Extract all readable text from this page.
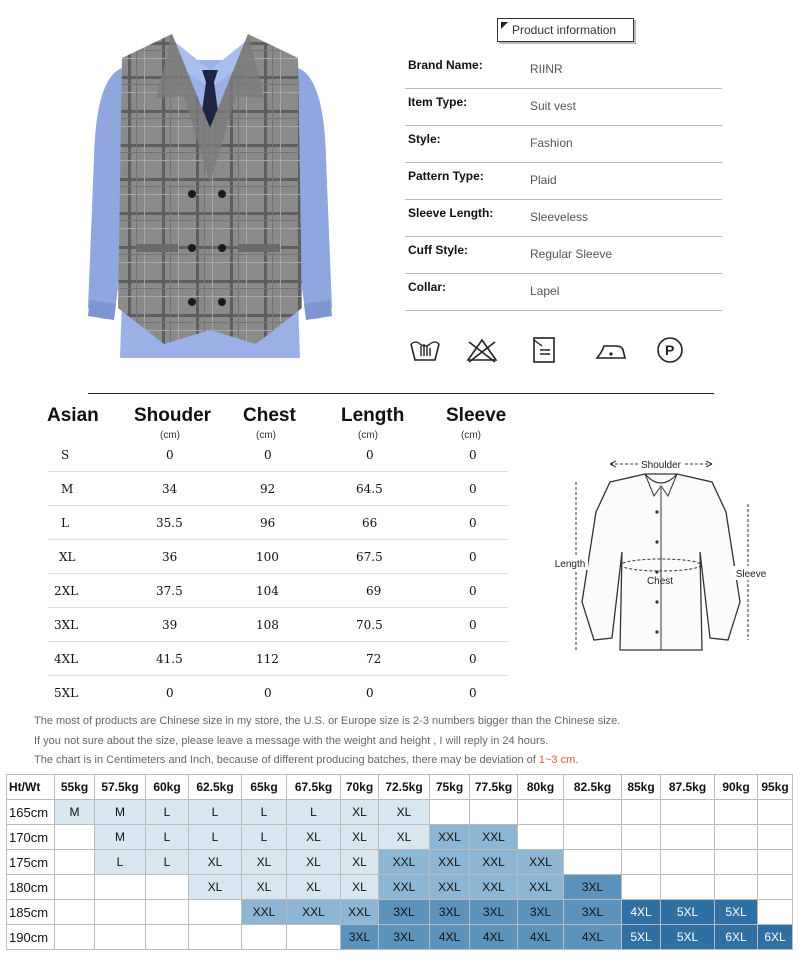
Product information
Brand Name:	RIINR
Item Type:	Suit vest
Style:	Fashion
Pattern Type:	Plaid
Sleeve Length:	Sleeveless
Cuff Style:	Regular Sleeve
Collar:	Lapel
P
Asian Shouder Chest Length Sleeve
(cm)	(cm)	(cm)	(cm)
S	0	0	0	0
M	34	92	64.5	0
L	35.5	96	66	0
XL	36	100	67.5	0
2XL	37.5	104	69	0
3XL	39	108	70.5	0
4XL	41.5	112	72	0
5XL	0	0	0	0
Shoulder
Chest
Length
Sleeve
The most of products are Chinese size in my store, the U.S. or Europe size is 2-3 numbers bigger than the Chinese size.
If you not sure about the size, please leave a message with the weight and height , I will reply in 24 hours.
The chart is in Centimeters and Inch, because of different producing batches, there may be deviation of 1~3 cm.
Ht/Wt	55kg	57.5kg	60kg	62.5kg	65kg	67.5kg	70kg	72.5kg	75kg	77.5kg	80kg	82.5kg	85kg	87.5kg	90kg	95kg
165cm	M	M	L	L	L	L	XL	XL								
170cm		M	L	L	L	XL	XL	XL	XXL	XXL						
175cm		L	L	XL	XL	XL	XL	XXL	XXL	XXL	XXL					
180cm				XL	XL	XL	XL	XXL	XXL	XXL	XXL	3XL				
185cm					XXL	XXL	XXL	3XL	3XL	3XL	3XL	3XL	4XL	5XL	5XL	
190cm							3XL	3XL	4XL	4XL	4XL	4XL	5XL	5XL	6XL	6XL
